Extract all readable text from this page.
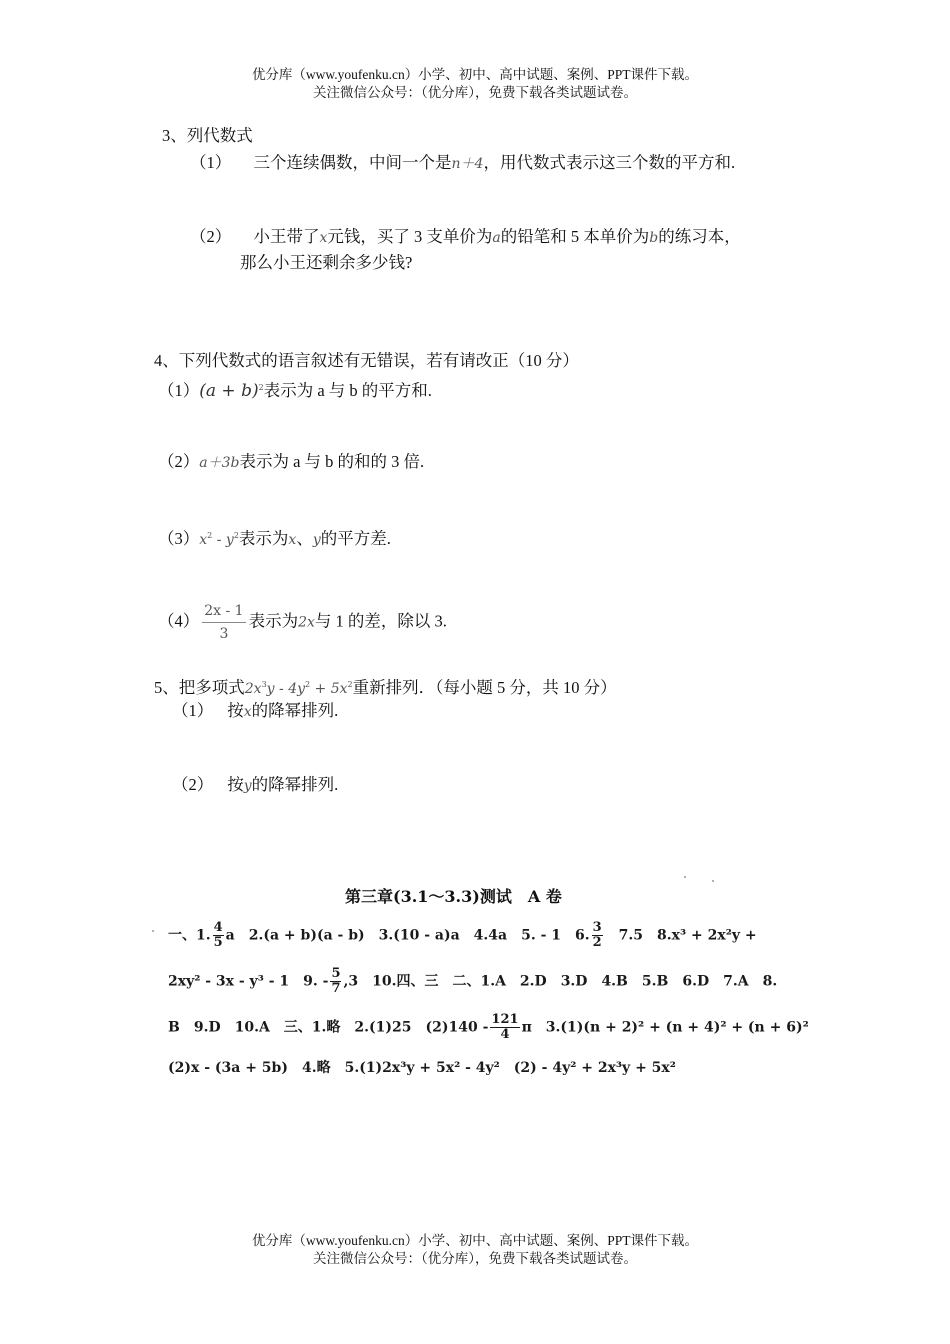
优分库（www.youfenku.cn）小学、初中、高中试题、案例、PPT课件下载。
关注微信公众号：（优分库），免费下载各类试题试卷。
3、列代数式
（1） 三个连续偶数，中间一个是n＋4，用代数式表示这三个数的平方和.
（2） 小王带了x元钱，买了 3 支单价为a的铅笔和 5 本单价为b的练习本，
那么小王还剩余多少钱?
4、下列代数式的语言叙述有无错误，若有请改正（10 分）
$(1)(a + b)^2$表示为 a 与 b 的平方和.
（2）a＋3b表示为 a 与 b 的和的 3 倍.
$(3)x^2 - y^2$表示为x、y的平方差.
$(4) \frac{2x - 1}{3}$ 表示为2x与 1 的差，除以 3.
5、把多项式$2x^3y - 4y^2 + 5x^2$重新排列．（每小题 5 分，共 10 分）
（1） 按x的降幂排列.
（2） 按y的降幂排列.
第三章(3.1～3.3)测试　A 卷
一、1. $\frac{4}{5}$ a　2.(a + b)(a - b)　3.(10 - a)a　4.4a　5. - 1　6. $\frac{3}{2}$ 　7.5　8.x³ + 2x²y +
2xy² - 3x - y³ - 1　9. - $\frac{5}{7} ,3$　10.四、三　二、1.A　2.D　3.D　4.B　5.B　6.D　7.A　8.
B　9.D　10.A　三、1.略　2.(1)25　$(2)140 - \frac{121}{4}$ π　3.(1)(n + 2)² + (n + 4)² + (n + 6)²
(2)x - (3a + 5b)　4.略　5.(1)2x³y + 5x² - 4y²　(2) - 4y² + 2x³y + 5x²
优分库（www.youfenku.cn）小学、初中、高中试题、案例、PPT课件下载。
关注微信公众号：（优分库），免费下载各类试题试卷。
